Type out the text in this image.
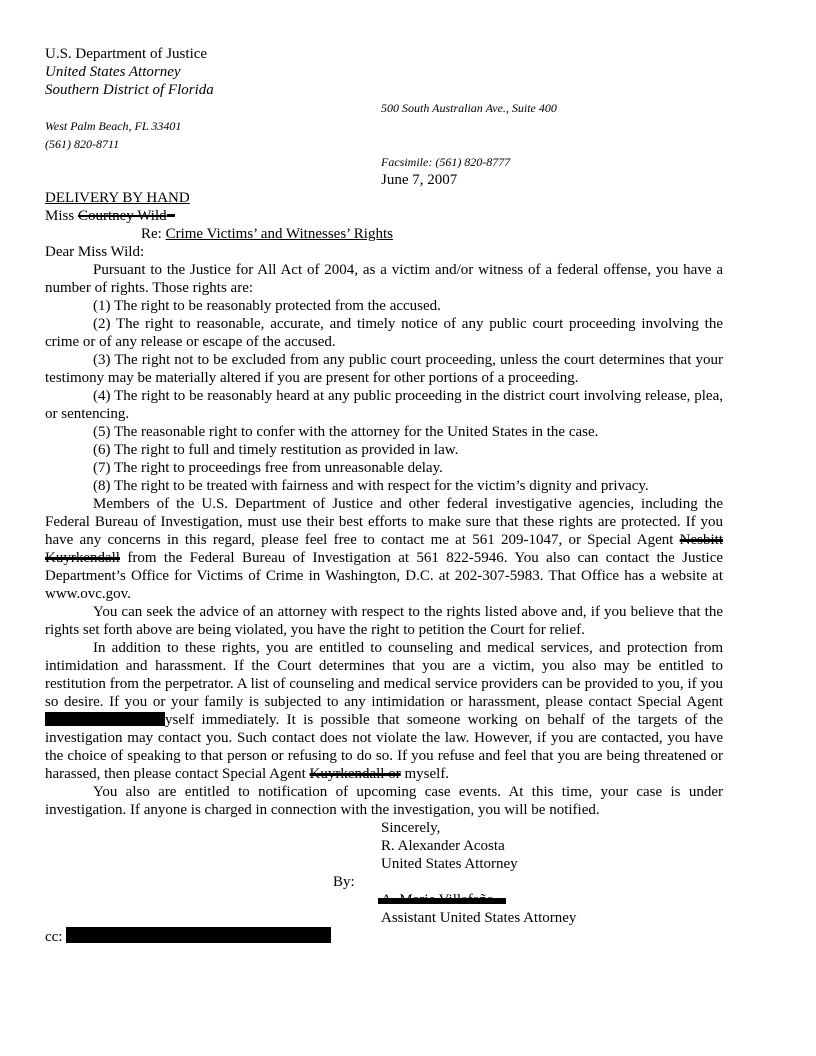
U.S. Department of Justice
United States Attorney
Southern District of Florida
500 South Australian Ave., Suite 400
West Palm Beach, FL 33401
(561) 820-8711
Facsimile: (561) 820-8777
June 7, 2007
DELIVERY BY HAND
Miss Courtney Wild
Re: Crime Victims’ and Witnesses’ Rights
Dear Miss Wild:

Pursuant to the Justice for All Act of 2004, as a victim and/or witness of a federal offense, you have a number of rights. Those rights are:

(1) The right to be reasonably protected from the accused.

(2) The right to reasonable, accurate, and timely notice of any public court proceeding involving the crime or of any release or escape of the accused.

(3) The right not to be excluded from any public court proceeding, unless the court determines that your testimony may be materially altered if you are present for other portions of a proceeding.

(4) The right to be reasonably heard at any public proceeding in the district court involving release, plea, or sentencing.

(5) The reasonable right to confer with the attorney for the United States in the case.

(6) The right to full and timely restitution as provided in law.

(7) The right to proceedings free from unreasonable delay.

(8) The right to be treated with fairness and with respect for the victim’s dignity and privacy.

Members of the U.S. Department of Justice and other federal investigative agencies, including the Federal Bureau of Investigation, must use their best efforts to make sure that these rights are protected. If you have any concerns in this regard, please feel free to contact me at 561 209-1047, or Special Agent Nesbitt Kuyrkendall from the Federal Bureau of Investigation at 561 822-5946. You also can contact the Justice Department’s Office for Victims of Crime in Washington, D.C. at 202-307-5983. That Office has a website at www.ovc.gov.

You can seek the advice of an attorney with respect to the rights listed above and, if you believe that the rights set forth above are being violated, you have the right to petition the Court for relief.

In addition to these rights, you are entitled to counseling and medical services, and protection from intimidation and harassment. If the Court determines that you are a victim, you also may be entitled to restitution from the perpetrator. A list of counseling and medical service providers can be provided to you, if you so desire. If you or your family is subjected to any intimidation or harassment, please contact Special Agent yself immediately. It is possible that someone working on behalf of the targets of the investigation may contact you. Such contact does not violate the law. However, if you are contacted, you have the choice of speaking to that person or refusing to do so. If you refuse and feel that you are being threatened or harassed, then please contact Special Agent Kuyrkendall or myself.

You also are entitled to notification of upcoming case events. At this time, your case is under investigation. If anyone is charged in connection with the investigation, you will be notified.

Sincerely,
R. Alexander Acosta
United States Attorney
By:
Assistant United States Attorney
cc:
